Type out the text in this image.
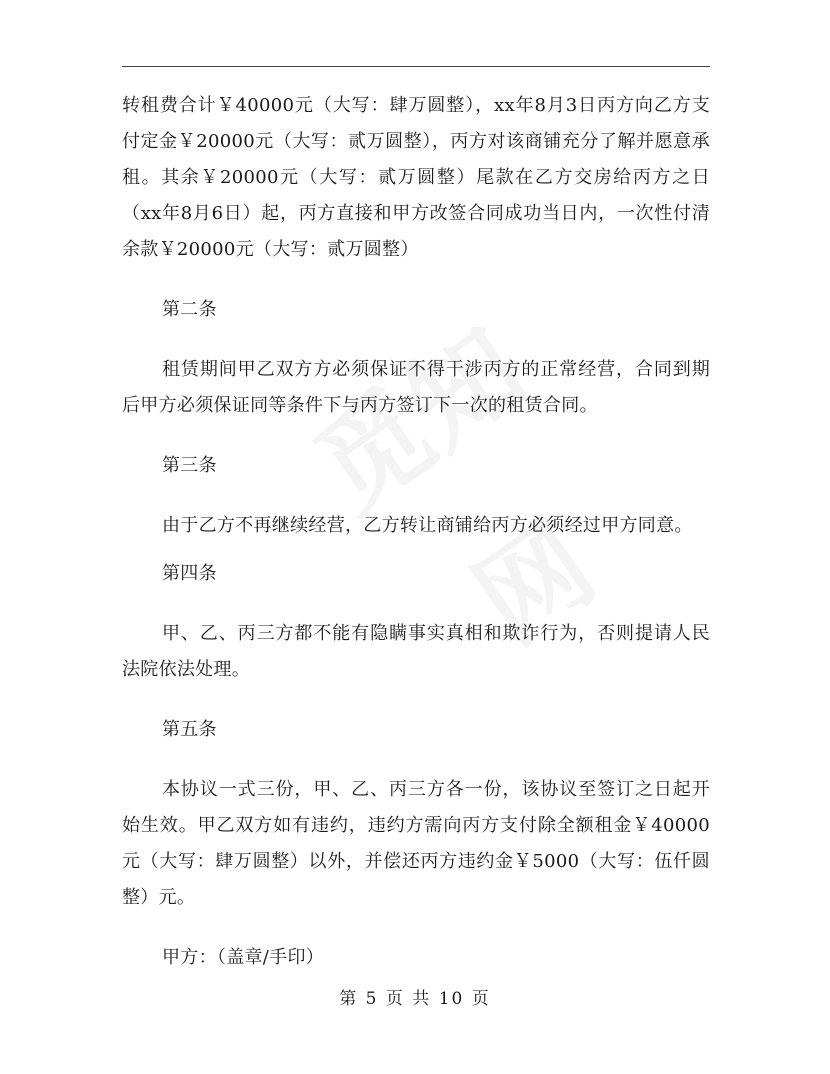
转租费合计￥40000元（大写：肆万圆整），xx年8月3日丙方向乙方支付定金￥20000元（大写：贰万圆整），丙方对该商铺充分了解并愿意承租。其余￥20000元（大写：贰万圆整）尾款在乙方交房给丙方之日（xx年8月6日）起，丙方直接和甲方改签合同成功当日内，一次性付清余款￥20000元（大写：贰万圆整）

第二条

租赁期间甲乙双方方必须保证不得干涉丙方的正常经营，合同到期后甲方必须保证同等条件下与丙方签订下一次的租赁合同。

第三条

由于乙方不再继续经营，乙方转让商铺给丙方必须经过甲方同意。

第四条

甲、乙、丙三方都不能有隐瞒事实真相和欺诈行为，否则提请人民法院依法处理。

第五条

本协议一式三份，甲、乙、丙三方各一份，该协议至签订之日起开始生效。甲乙双方如有违约，违约方需向丙方支付除全额租金￥40000元（大写：肆万圆整）以外，并偿还丙方违约金￥5000（大写：伍仟圆整）元。

甲方：（盖章/手印）

第 5 页 共 10 页
